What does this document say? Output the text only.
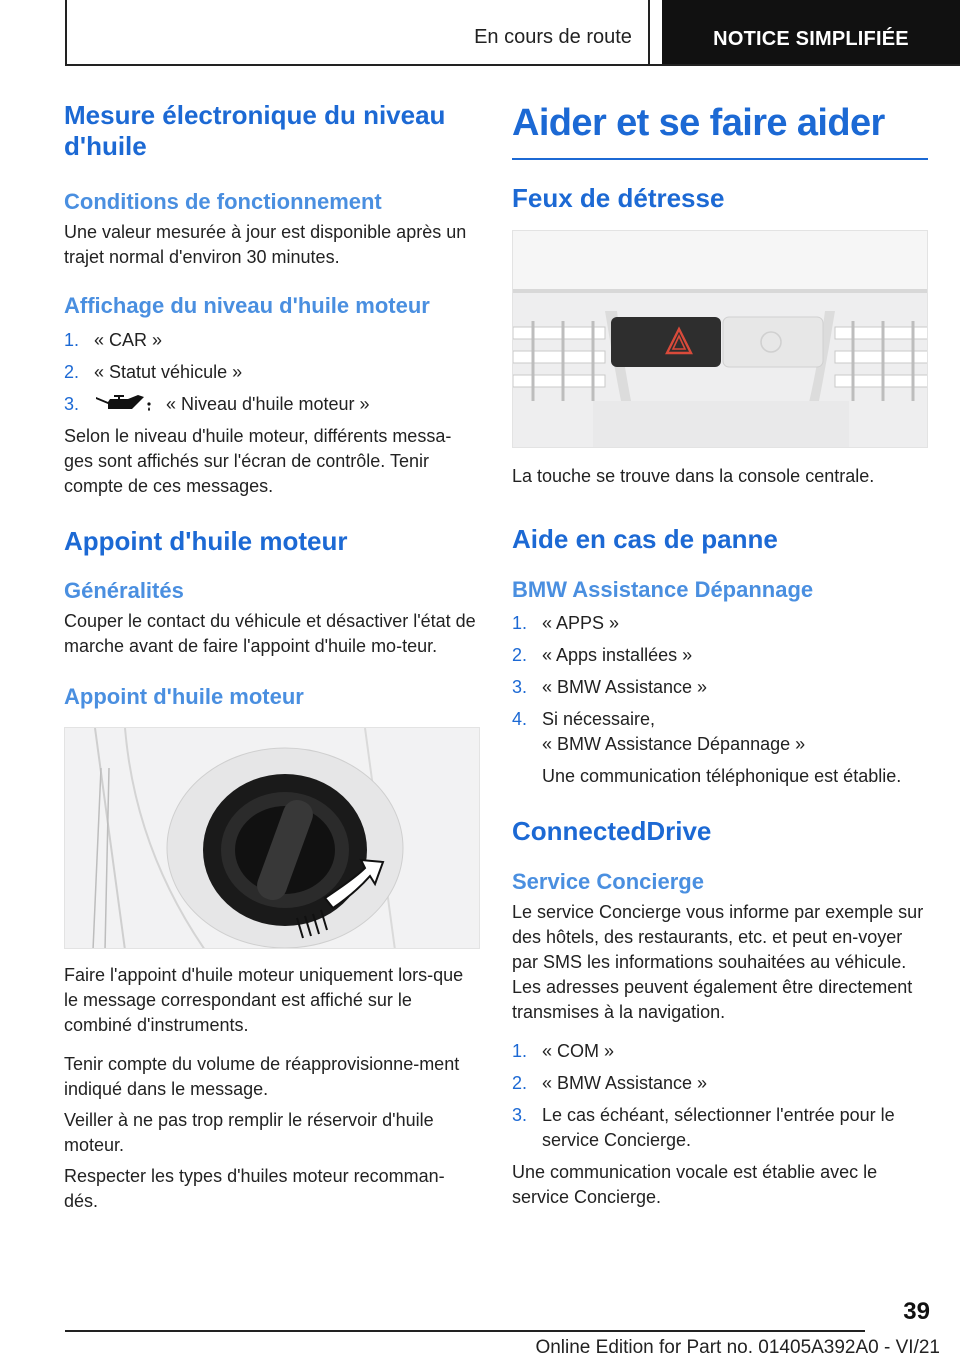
En cours de route	NOTICE SIMPLIFIÉE
Mesure électronique du niveau d'huile
Conditions de fonctionnement
Une valeur mesurée à jour est disponible après un trajet normal d'environ 30 minutes.
Affichage du niveau d'huile moteur
1. « CAR »
2. « Statut véhicule »
3.	« Niveau d'huile moteur »
Selon le niveau d'huile moteur, différents messa-ges sont affichés sur l'écran de contrôle. Tenir compte de ces messages.
Appoint d'huile moteur
Généralités
Couper le contact du véhicule et désactiver l'état de marche avant de faire l'appoint d'huile mo-teur.
Appoint d'huile moteur
Faire l'appoint d'huile moteur uniquement lors-que le message correspondant est affiché sur le combiné d'instruments.
Tenir compte du volume de réapprovisionne-ment indiqué dans le message.
Veiller à ne pas trop remplir le réservoir d'huile moteur.
Respecter les types d'huiles moteur recomman-dés.
Aider et se faire aider
Feux de détresse
La touche se trouve dans la console centrale.
Aide en cas de panne
BMW Assistance Dépannage
1. « APPS »
2. « Apps installées »
3. « BMW Assistance »
4. Si nécessaire,
« BMW Assistance Dépannage »
Une communication téléphonique est établie.
ConnectedDrive
Service Concierge
Le service Concierge vous informe par exemple sur des hôtels, des restaurants, etc. et peut en-voyer par SMS les informations souhaitées au véhicule. Les adresses peuvent également être directement transmises à la navigation.
1. « COM »
2. « BMW Assistance »
3. Le cas échéant, sélectionner l'entrée pour le service Concierge.
Une communication vocale est établie avec le service Concierge.
39
Online Edition for Part no. 01405A392A0 - VI/21
